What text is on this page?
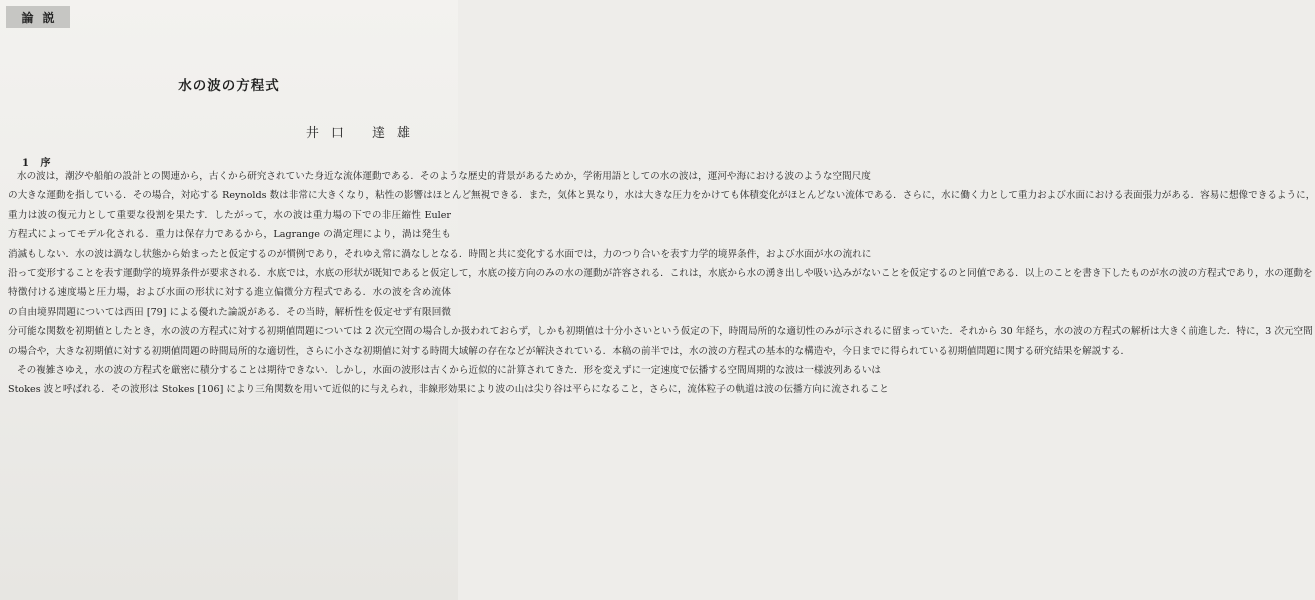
論説
水の波の方程式
井口 達雄
1 序
水の波は，潮汐や船舶の設計との関連から，古くから研究されていた身近な流体運動である．そのような歴史的背景があるためか，学術用語としての水の波は，運河や海における波のような空間尺度
の大きな運動を指している．その場合，対応する Reynolds 数は非常に大きくなり，粘性の影響はほとんど無視できる．また，気体と異なり，水は大きな圧力をかけても体積変化がほとんどない流体である．さらに，水に働く力として重力および水面における表面張力がある．容易に想像できるように，
重力は波の復元力として重要な役割を果たす．したがって，水の波は重力場の下での非圧縮性 Euler
方程式によってモデル化される．重力は保存力であるから，Lagrange の渦定理により，渦は発生も
消滅もしない．水の波は渦なし状態から始まったと仮定するのが慣例であり，それゆえ常に渦なしとなる．時間と共に変化する水面では，力のつり合いを表す力学的境界条件，および水面が水の流れに
沿って変形することを表す運動学的境界条件が要求される．水底では，水底の形状が既知であると仮定して，水底の接方向のみの水の運動が許容される．これは，水底から水の湧き出しや吸い込みがないことを仮定するのと同値である．以上のことを書き下したものが水の波の方程式であり，水の運動を
特徴付ける速度場と圧力場，および水面の形状に対する進立偏微分方程式である．水の波を含め流体
の自由境界問題については西田 [79] による優れた論説がある．その当時，解析性を仮定せず有限回微
分可能な関数を初期値としたとき，水の波の方程式に対する初期値問題については 2 次元空間の場合しか扱われておらず，しかも初期値は十分小さいという仮定の下，時間局所的な適切性のみが示されるに留まっていた．それから 30 年経ち，水の波の方程式の解析は大きく前進した．特に，3 次元空間
の場合や，大きな初期値に対する初期値問題の時間局所的な適切性，さらに小さな初期値に対する時間大域解の存在などが解決されている．本稿の前半では，水の波の方程式の基本的な構造や，今日までに得られている初期値問題に関する研究結果を解説する．
その複雑さゆえ，水の波の方程式を厳密に積分することは期待できない．しかし，水面の波形は古くから近似的に計算されてきた．形を変えずに一定速度で伝播する空間周期的な波は一様波列あるいは
Stokes 波と呼ばれる．その波形は Stokes [106] により三角関数を用いて近似的に与えられ，非線形効果により波の山は尖り谷は平らになること，さらに，流体粒子の軌道は波の伝播方向に流されること
